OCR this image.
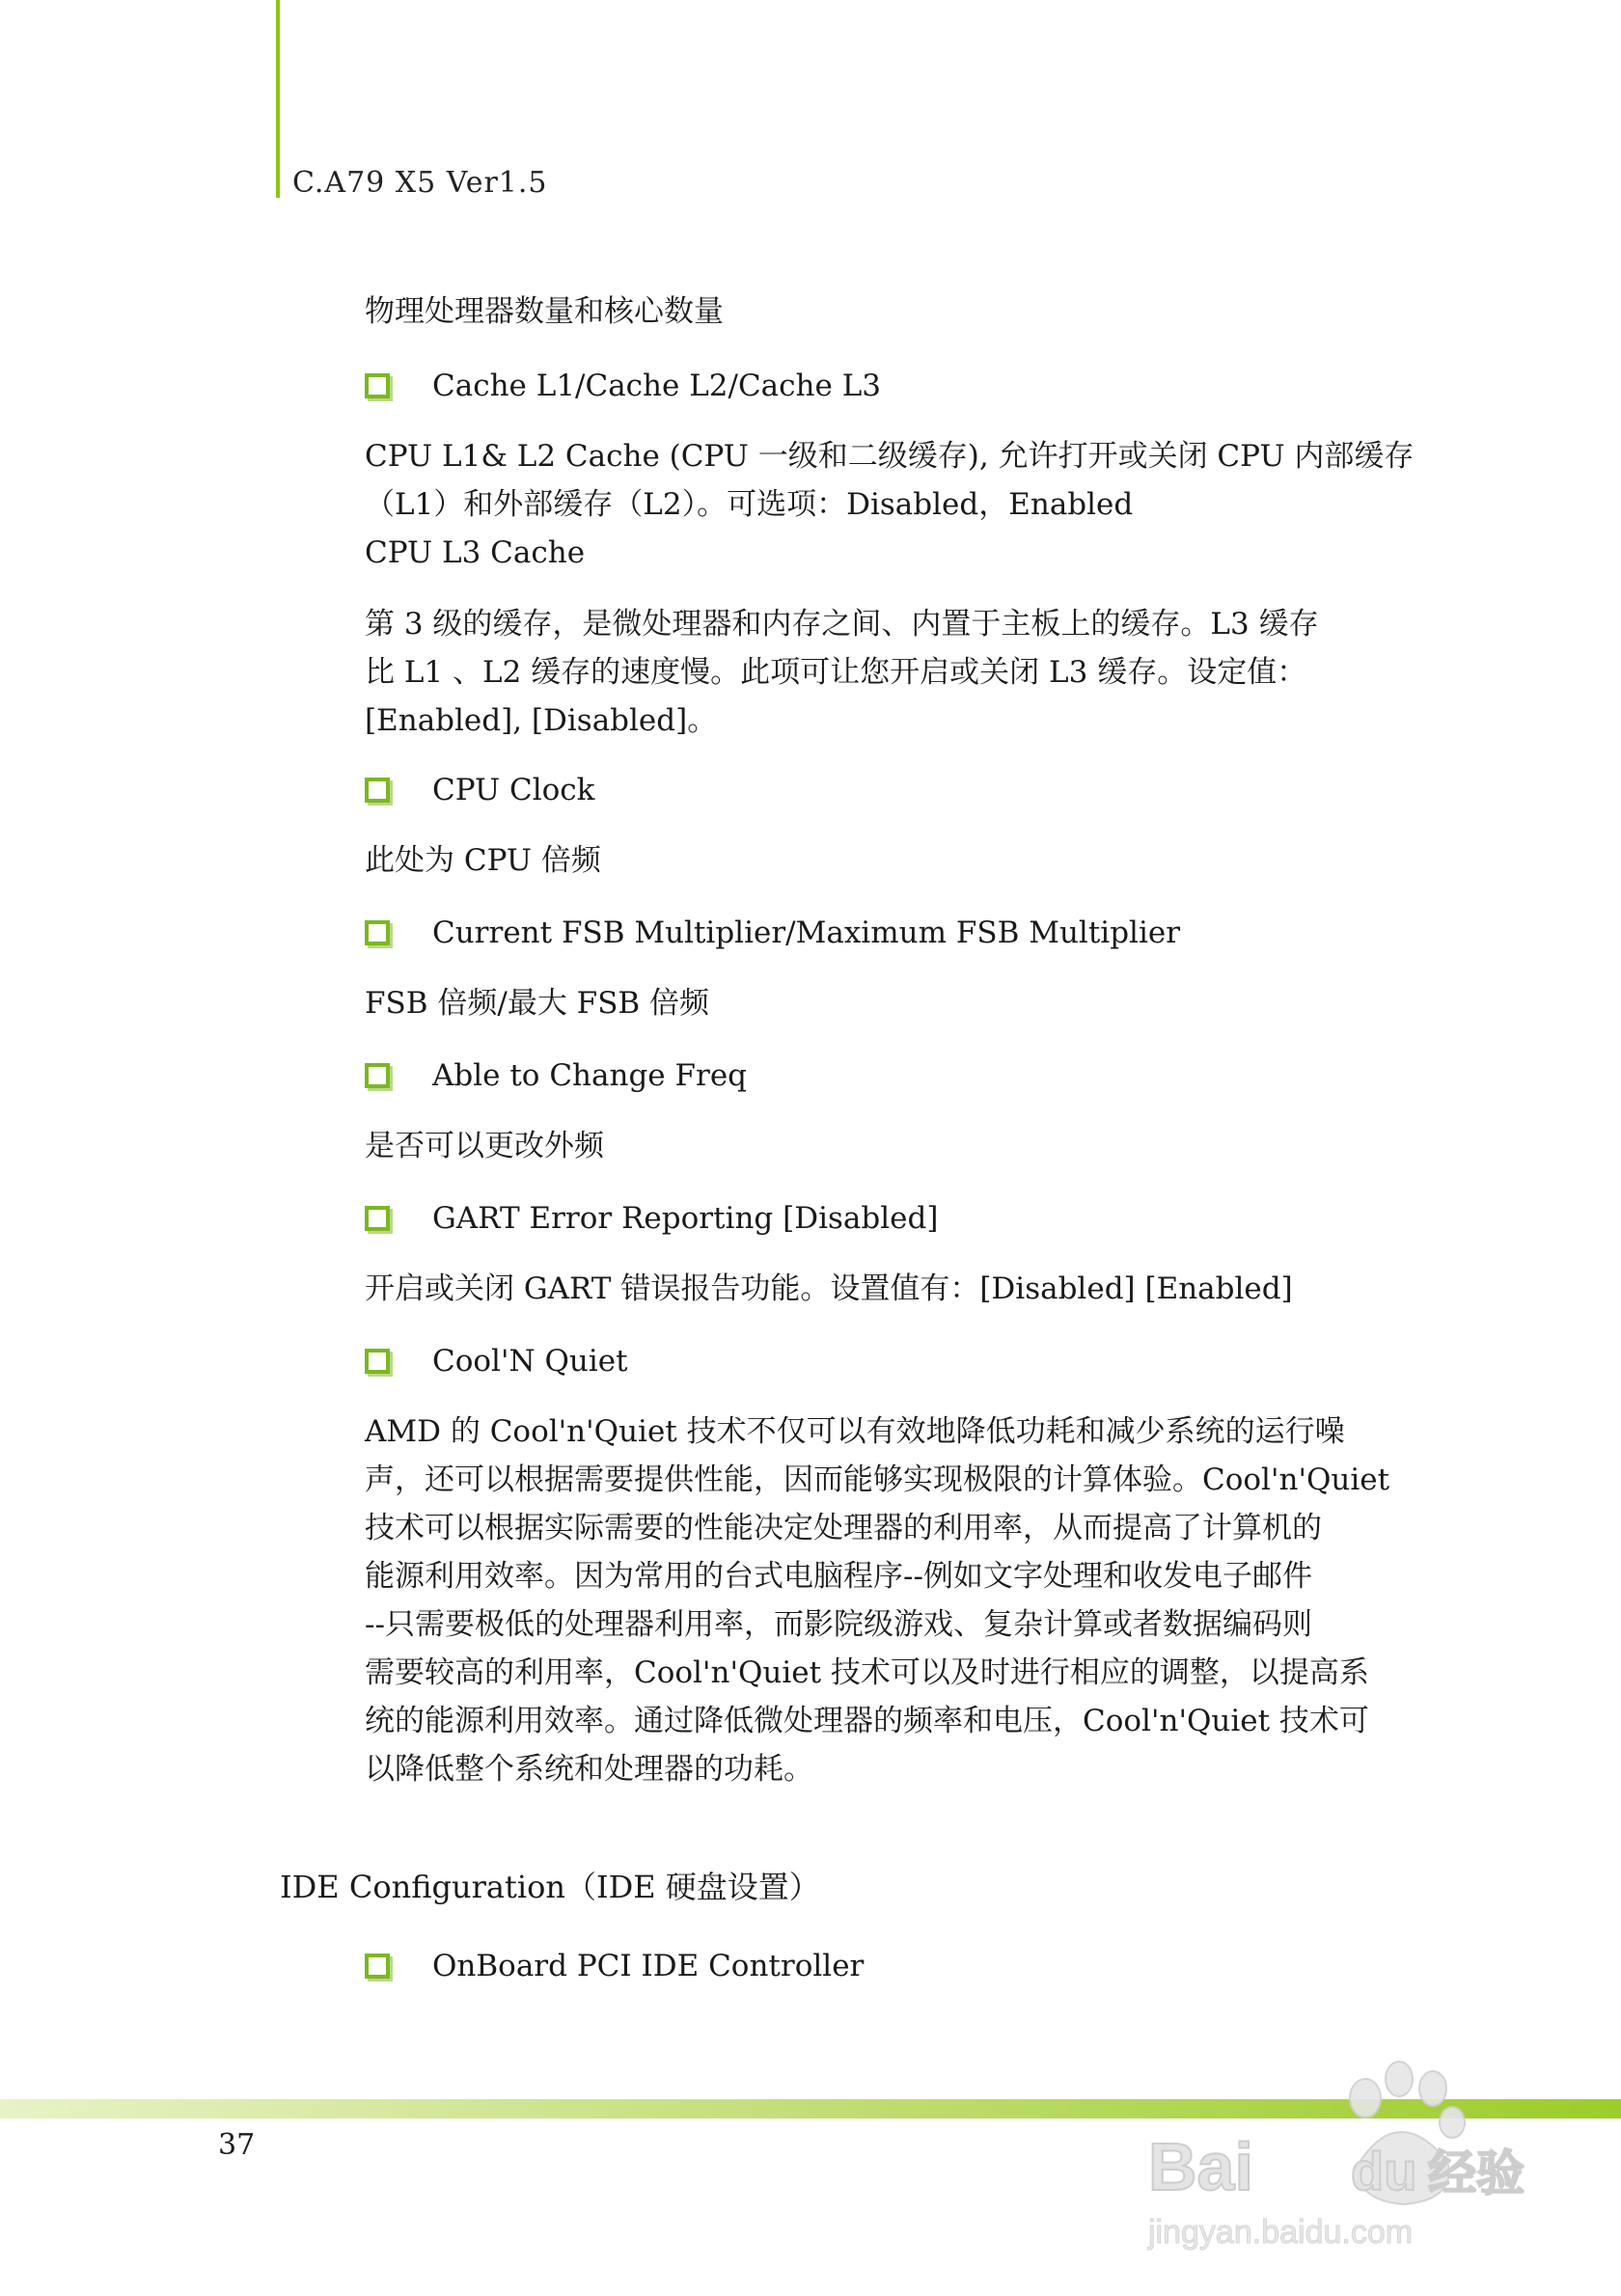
C.A79 X5 Ver1.5
物理处理器数量和核心数量
Cache L1/Cache L2/Cache L3
CPU L1& L2 Cache (CPU 一级和二级缓存), 允许打开或关闭 CPU 内部缓存
（L1）和外部缓存（L2）。可选项：Disabled，Enabled
CPU L3 Cache
第 3 级的缓存，是微处理器和内存之间、内置于主板上的缓存。L3 缓存
比 L1 、L2 缓存的速度慢。此项可让您开启或关闭 L3 缓存。设定值：
[Enabled], [Disabled]。
CPU Clock
此处为 CPU 倍频
Current FSB Multiplier/Maximum FSB Multiplier
FSB 倍频/最大 FSB 倍频
Able to Change Freq
是否可以更改外频
GART Error Reporting [Disabled]
开启或关闭 GART 错误报告功能。设置值有：[Disabled] [Enabled]
Cool'N Quiet
AMD 的 Cool'n'Quiet 技术不仅可以有效地降低功耗和减少系统的运行噪
声，还可以根据需要提供性能，因而能够实现极限的计算体验。Cool'n'Quiet
技术可以根据实际需要的性能决定处理器的利用率，从而提高了计算机的
能源利用效率。因为常用的台式电脑程序--例如文字处理和收发电子邮件
--只需要极低的处理器利用率，而影院级游戏、复杂计算或者数据编码则
需要较高的利用率，Cool'n'Quiet 技术可以及时进行相应的调整，以提高系
统的能源利用效率。通过降低微处理器的频率和电压，Cool'n'Quiet 技术可
以降低整个系统和处理器的功耗。
OnBoard PCI IDE Controller
IDE Configuration（IDE 硬盘设置）
37	Bai du 经验
jingyan.baidu.com
